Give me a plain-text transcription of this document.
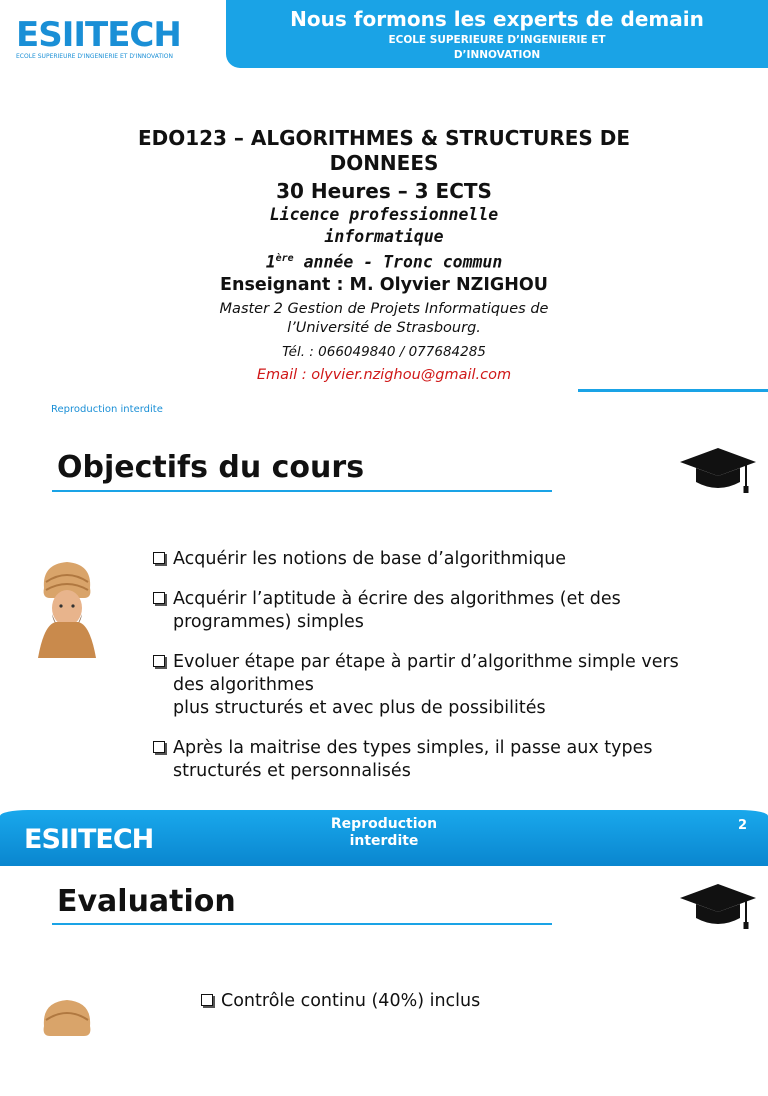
ESIITECH
ECOLE SUPERIEURE D'INGENIERIE ET D'INNOVATION
Nous formons les experts de demain
ECOLE SUPERIEURE D’INGENIERIE ET
D’INNOVATION
EDO123 – ALGORITHMES & STRUCTURES DE
DONNEES
30 Heures – 3 ECTS
Licence professionnelle
informatique
1ère année - Tronc commun
Enseignant : M. Olyvier NZIGHOU
Master 2 Gestion de Projets Informatiques de
l’Université de Strasbourg.
Tél. : 066049840 / 077684285
Email : olyvier.nzighou@gmail.com
Reproduction interdite
Objectifs du cours
Acquérir les notions de base d’algorithmique
Acquérir l’aptitude à écrire des algorithmes (et des
programmes) simples
Evoluer étape par étape à partir d’algorithme simple vers
des algorithmes
plus structurés et avec plus de possibilités
Après la maitrise des types simples, il passe aux types
structurés et personnalisés
ESIITECH	Reproduction
interdite
2
Evaluation
Contrôle continu (40%) inclus
